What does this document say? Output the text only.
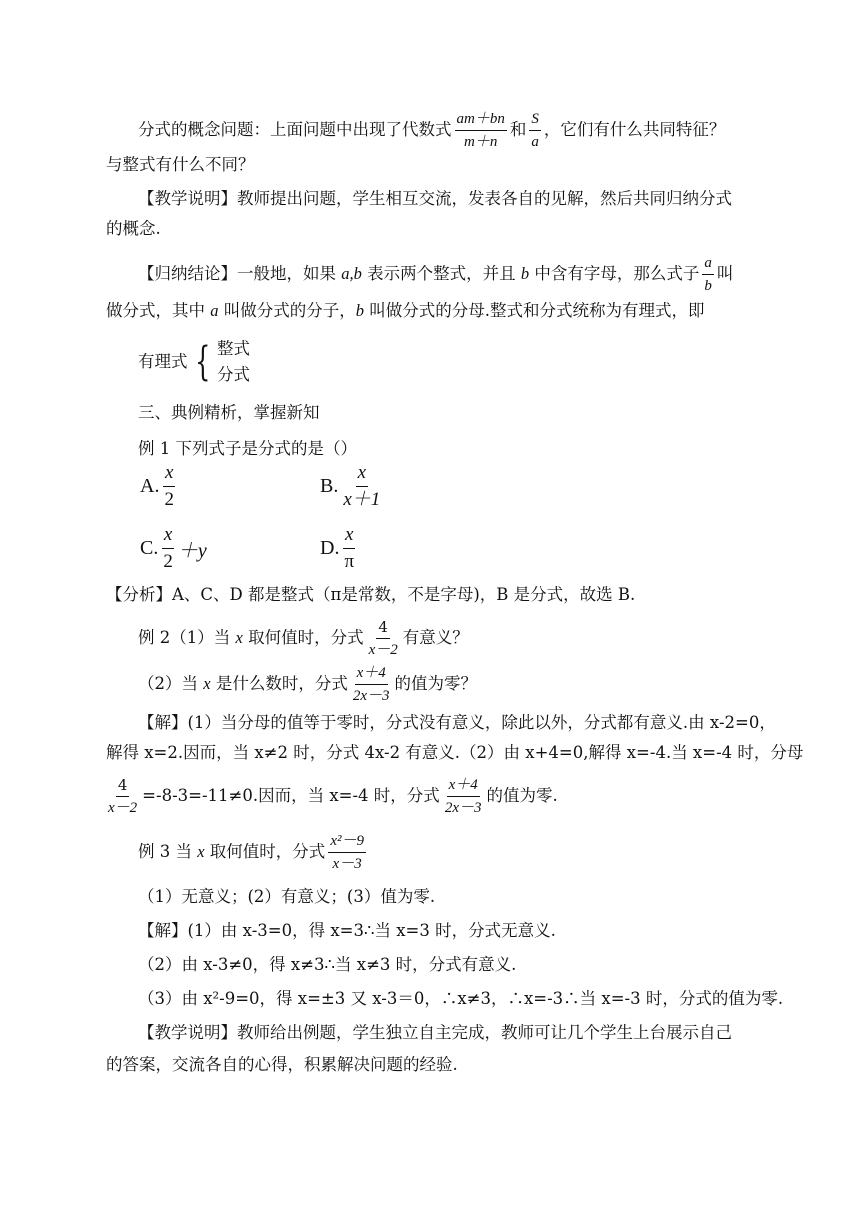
分式的概念问题：上面问题中出现了代数式 $\frac{am+bn}{m+n}$ 和 $\frac{S}{a}$ ，它们有什么共同特征？
与整式有什么不同？
【教学说明】教师提出问题，学生相互交流，发表各自的见解，然后共同归纳分式
的概念.
【归纳结论】一般地，如果 a,b 表示两个整式，并且 b 中含有字母，那么式子 $\frac{a}{b}$ 叫
做分式，其中 a 叫做分式的分子，b 叫做分式的分母.整式和分式统称为有理式，即
有理式 { 整式
分式
三、典例精析，掌握新知
例 1 下列式子是分式的是（）
A. $\frac{x}{2}$	B. $\frac{x}{x+1}$
C. $\frac{x}{2} +y$	D. $\frac{x}{\pi}$
【分析】A、C、D 都是整式（π是常数，不是字母)，B 是分式，故选 B.
例 2（1）当 x 取何值时，分式 $\frac{4}{x-2}$ 有意义？
（2）当 x 是什么数时，分式 $\frac{x+4}{2x-3}$ 的值为零？
【解】(1）当分母的值等于零时，分式没有意义，除此以外，分式都有意义.由 x-2=0，
解得 x=2.因而，当 x≠2 时，分式 4x-2 有意义.（2）由 x+4=0,解得 x=-4.当 x=-4 时，分母
$\frac{4}{x-2} =-8-3=-11\ne 0$.因而，当 x=-4 时，分式 $\frac{x+4}{2x-3}$ 的值为零.
例 3 当 x 取何值时，分式 $\frac{\text{x²－9}}{x-3}$
（1）无意义；(2）有意义；(3）值为零.
【解】(1）由 x-3=0，得 x=3∴当 x=3 时，分式无意义.
（2）由 x-3≠0，得 x≠3∴当 x≠3 时，分式有意义.
（3）由 x²-9=0，得 x=±3 又 x-3＝0，∴x≠3，∴x=-3∴当 x=-3 时，分式的值为零.
【教学说明】教师给出例题，学生独立自主完成，教师可让几个学生上台展示自己
的答案，交流各自的心得，积累解决问题的经验.
